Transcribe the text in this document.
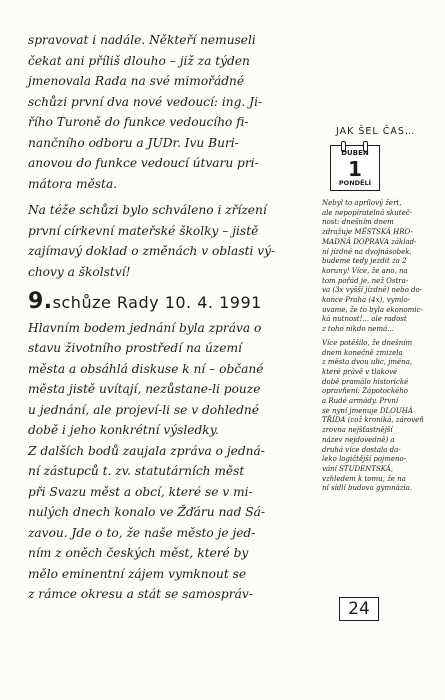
spravovat i nadále. Někteří nemuseli

čekat ani příliš dlouho – již za týden

jmenovala Rada na své mimořádné

schůzi první dva nové vedoucí: ing. Ji-

řího Turoně do funkce vedoucího fi-

nančního odboru a JUDr. Ivu Buri-

anovou do funkce vedoucí útvaru pri-

mátora města.

Na téže schůzi bylo schváleno i zřízení

první církevní mateřské školky – jistě

zajímavý doklad o změnách v oblasti vý-

chovy a školství!

9.schůze Rady 10. 4. 1991

Hlavním bodem jednání byla zpráva o

stavu životního prostředí na území

města a obsáhlá diskuse k ní – občané

města jistě uvítají, nezůstane-li pouze

u jednání, ale projeví-li se v dohledné

době i jeho konkrétní výsledky.

Z dalších bodů zaujala zpráva o jedná-

ní zástupců t. zv. statutárních měst

při Svazu měst a obcí, které se v mi-

nulých dnech konalo ve Žďáru nad Sá-

zavou. Jde o to, že naše město je jed-

ním z oněch českých měst, které by

mělo eminentní zájem vymknout se

z rámce okresu a stát se samospráv-

JAK ŠEL ČAS…
DUBEN
1
PONDĚLÍ

Nebyl to aprílový žert,

ale nepopíratelná skuteč-

nost: dnešním dnem

zdražuje MĚSTSKÁ HRO-

MADNÁ DOPRAVA základ-

ní jízdné na dvojnásobek,

budeme tedy jezdit za 2

koruny! Více, že ano, na

tom pořád je, než Ostra-

va (3x vyšší jízdné) nebo do-

konce Praha (4x), vymlo-

uvame, že to byla ekonomic-

ká nutnost!... ale radost

z toho nikdo nemá...

Více potěšilo, že dnešním

dnem konečně zmizela

z města dvou ulic, jména,

které právě v tlakové

době pramálo historické

opravňení: Zápotockého

a Rudé armády. První

se nyní jmenuje DLOUHÁ

TŘÍDA (což kroniká, zároveň

zrovna nejšťastnější

název nejdovedně) a

druhá více dostala da-

leko logičtější pojmeno-

vání STUDENTSKÁ,

vzhledem k tomu, že na

ní sídlí budova gymnázia.

24
